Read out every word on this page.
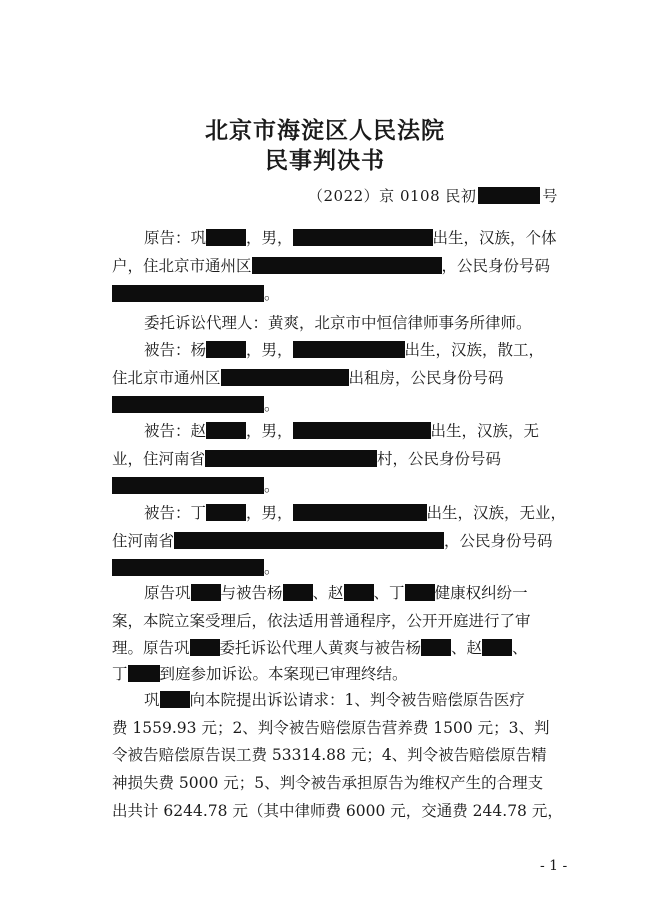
北京市海淀区人民法院
民事判决书
（2022）京 0108 民初	号
原告：巩	，男，	出生，汉族，个体
户，住北京市通州区	，公民身份号码
。
委托诉讼代理人：黄爽，北京市中恒信律师事务所律师。
被告：杨	，男，	出生，汉族，散工，
住北京市通州区	出租房，公民身份号码
。
被告：赵	，男，	出生，汉族，无
业，住河南省	村，公民身份号码
。
被告：丁	，男，	出生，汉族，无业，
住河南省	，公民身份号码
。
原告巩 与被告杨 、赵 、丁 健康权纠纷一
案，本院立案受理后，依法适用普通程序，公开开庭进行了审
理。原告巩 委托诉讼代理人黄爽与被告杨 、赵 、
丁 到庭参加诉讼。本案现已审理终结。
巩 向本院提出诉讼请求：1、判令被告赔偿原告医疗
费 1559.93 元；2、判令被告赔偿原告营养费 1500 元；3、判
令被告赔偿原告误工费 53314.88 元；4、判令被告赔偿原告精
神损失费 5000 元；5、判令被告承担原告为维权产生的合理支
出共计 6244.78 元（其中律师费 6000 元，交通费 244.78 元，
- 1 -
